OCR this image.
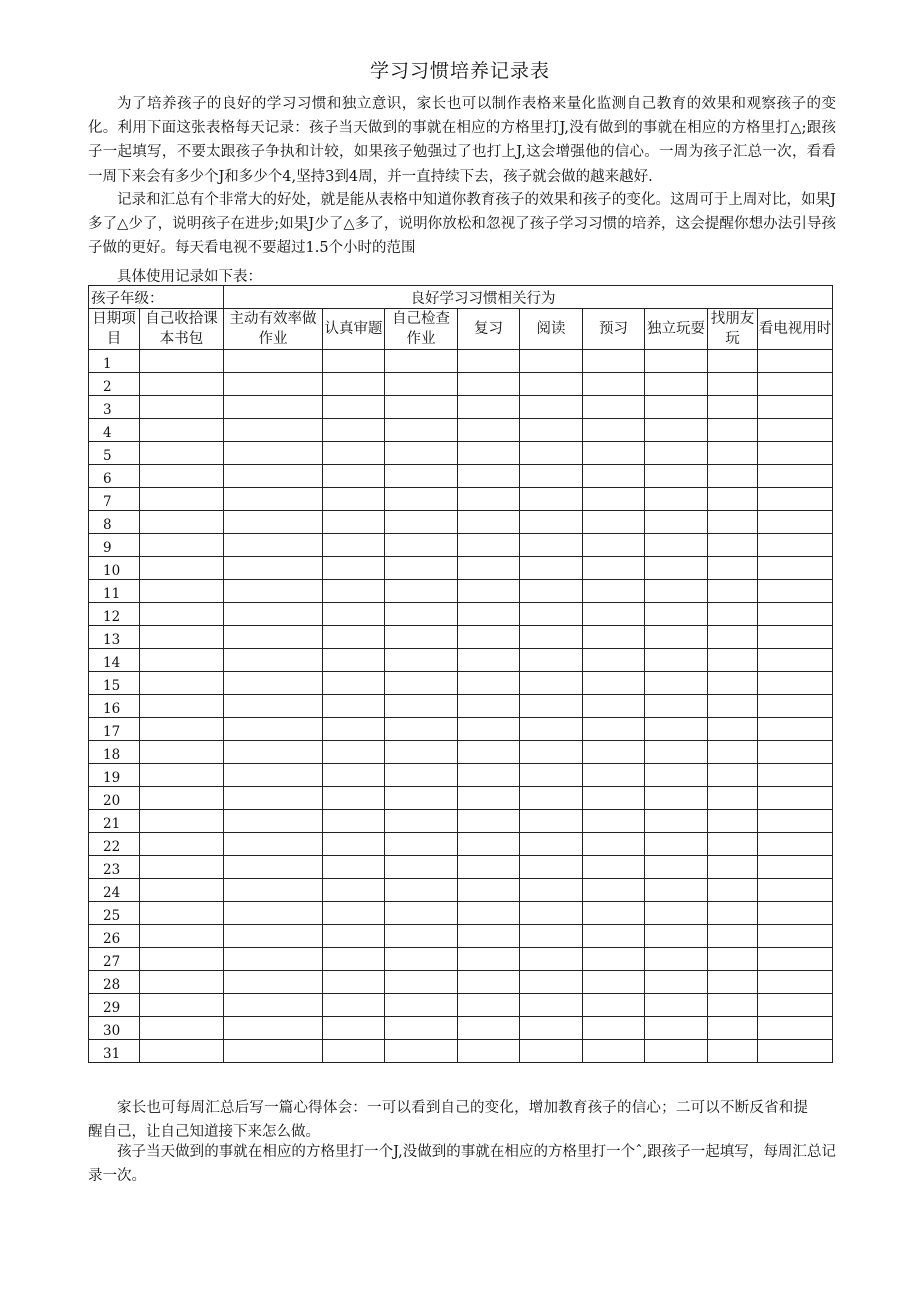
学习习惯培养记录表

为了培养孩子的良好的学习习惯和独立意识，家长也可以制作表格来量化监测自己教育的效果和观察孩子的变化。利用下面这张表格每天记录：孩子当天做到的事就在相应的方格里打J,没有做到的事就在相应的方格里打△;跟孩子一起填写，不要太跟孩子争执和计较，如果孩子勉强过了也打上J,这会增强他的信心。一周为孩子汇总一次，看看一周下来会有多少个J和多少个4,坚持3到4周，并一直持续下去，孩子就会做的越来越好.

记录和汇总有个非常大的好处，就是能从表格中知道你教育孩子的效果和孩子的变化。这周可于上周对比，如果J多了△少了，说明孩子在进步;如果J少了△多了，说明你放松和忽视了孩子学习习惯的培养，这会提醒你想办法引导孩子做的更好。每天看电视不要超过1.5个小时的范围

具体使用记录如下表：

孩子年级：		良好学习习惯相关行为								
日期项目	自己收拾课本书包	主动有效率做作业	认真审题	自己检查作业	复习	阅读	预习	独立玩耍	找朋友玩	看电视用时
1										
2										
3										
4										
5										
6										
7										
8										
9										
10										
11										
12										
13										
14										
15										
16										
17										
18										
19										
20										
21										
22										
23										
24										
25										
26										
27										
28										
29										
30										
31										

家长也可每周汇总后写一篇心得体会：一可以看到自己的变化，增加教育孩子的信心；二可以不断反省和提醒自己，让自己知道接下来怎么做。

孩子当天做到的事就在相应的方格里打一个J,没做到的事就在相应的方格里打一个ˆ,跟孩子一起填写，每周汇总记录一次。
